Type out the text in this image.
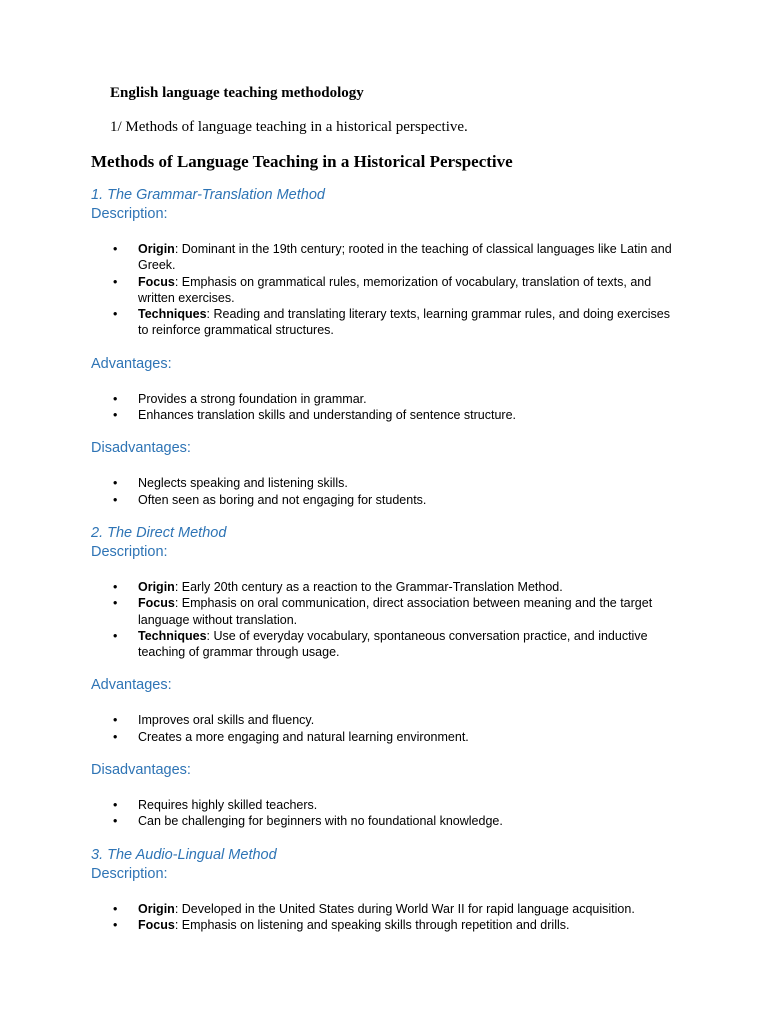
English language teaching methodology
1/ Methods of language teaching in a historical perspective.
Methods of Language Teaching in a Historical Perspective
1. The Grammar-Translation Method
Description:
• Origin: Dominant in the 19th century; rooted in the teaching of classical languages like Latin and Greek.
• Focus: Emphasis on grammatical rules, memorization of vocabulary, translation of texts, and written exercises.
• Techniques: Reading and translating literary texts, learning grammar rules, and doing exercises to reinforce grammatical structures.
Advantages:
• Provides a strong foundation in grammar.
• Enhances translation skills and understanding of sentence structure.
Disadvantages:
• Neglects speaking and listening skills.
• Often seen as boring and not engaging for students.
2. The Direct Method
Description:
• Origin: Early 20th century as a reaction to the Grammar-Translation Method.
• Focus: Emphasis on oral communication, direct association between meaning and the target language without translation.
• Techniques: Use of everyday vocabulary, spontaneous conversation practice, and inductive teaching of grammar through usage.
Advantages:
• Improves oral skills and fluency.
• Creates a more engaging and natural learning environment.
Disadvantages:
• Requires highly skilled teachers.
• Can be challenging for beginners with no foundational knowledge.
3. The Audio-Lingual Method
Description:
• Origin: Developed in the United States during World War II for rapid language acquisition.
• Focus: Emphasis on listening and speaking skills through repetition and drills.
